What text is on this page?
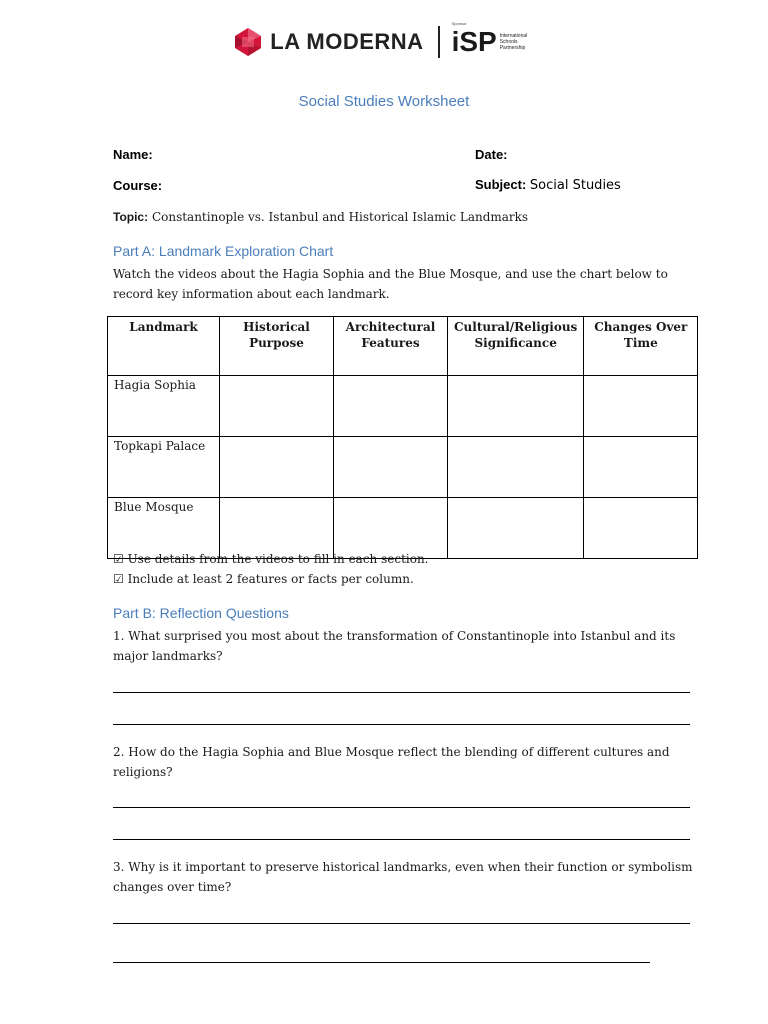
LA MODERNA
Sponsor
iSP International
Schools
Partnership
Social Studies Worksheet
Name:	Date:
Course:	Subject: Social Studies
Topic: Constantinople vs. Istanbul and Historical Islamic Landmarks
Part A: Landmark Exploration Chart
Watch the videos about the Hagia Sophia and the Blue Mosque, and use the chart below to record key information about each landmark.
Landmark	Historical Purpose	Architectural Features	Cultural/Religious Significance	Changes Over Time
Hagia Sophia				
Topkapi Palace				
Blue Mosque				
☑ Use details from the videos to fill in each section.
☑ Include at least 2 features or facts per column.
Part B: Reflection Questions
1. What surprised you most about the transformation of Constantinople into Istanbul and its major landmarks?
2. How do the Hagia Sophia and Blue Mosque reflect the blending of different cultures and religions?
3. Why is it important to preserve historical landmarks, even when their function or symbolism changes over time?
